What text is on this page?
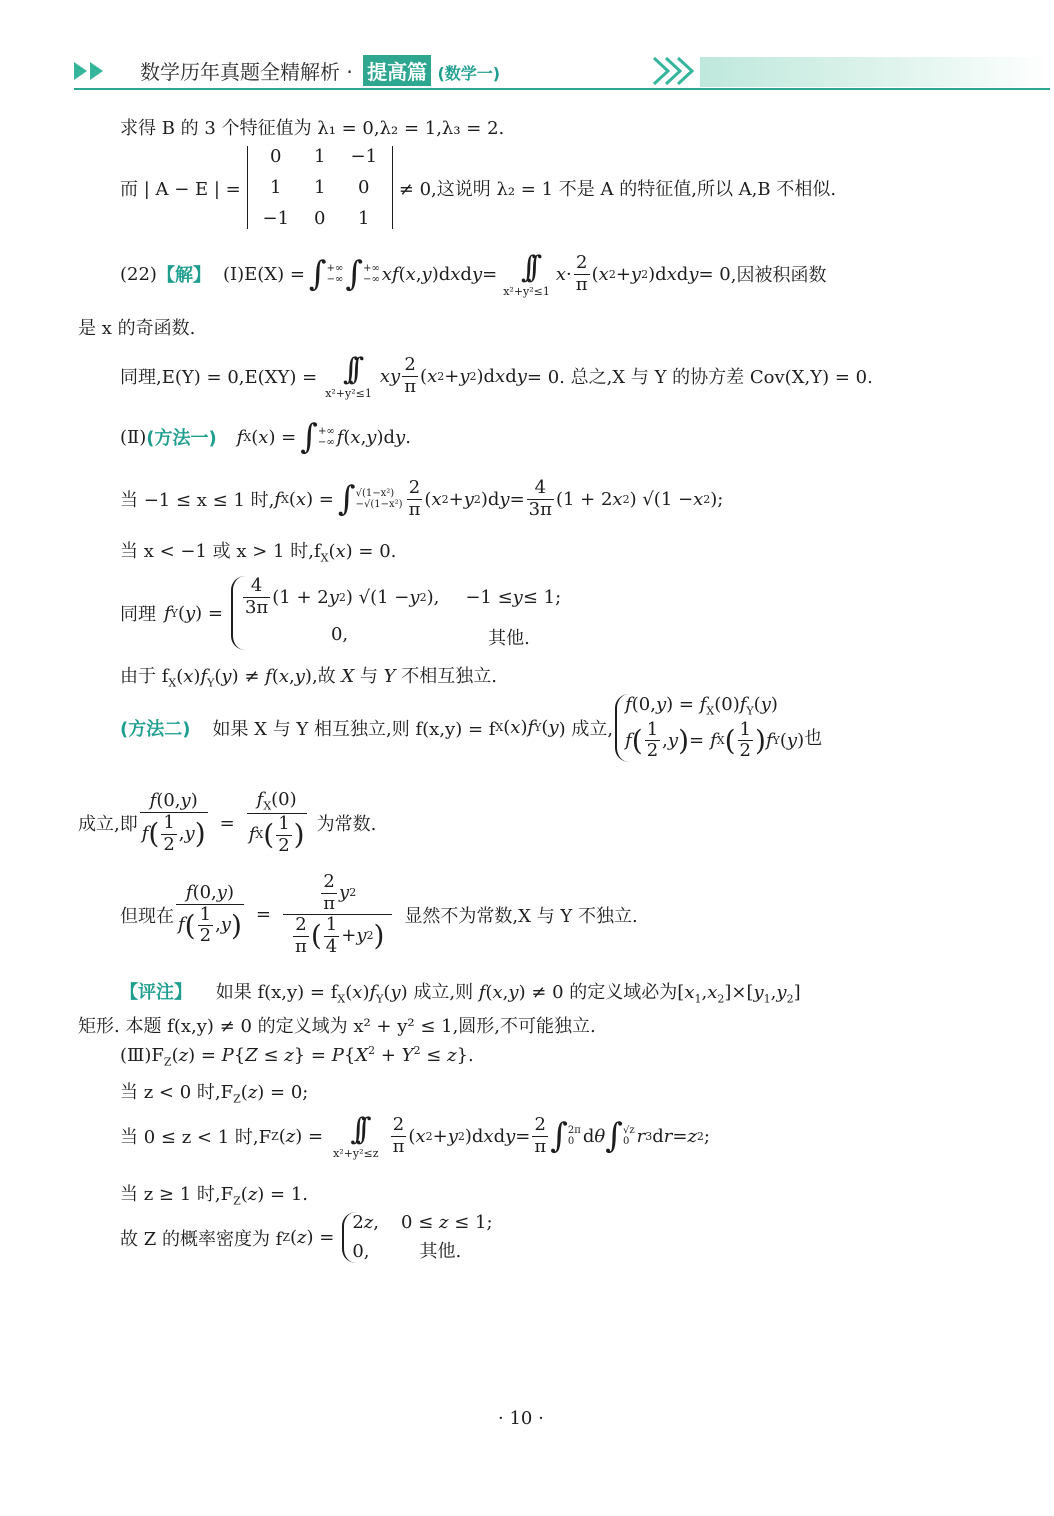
数学历年真题全精解析 · 提高篇 (数学一)
求得 B 的 3 个特征值为 λ₁ = 0,λ₂ = 1,λ₃ = 2.
而 | A − E | =
0	1	−1
1	1	0
−1	0	1
≠ 0,这说明 λ₂ = 1 不是 A 的特征值,所以 A,B 不相似.
(22) 【解】 (Ⅰ)E(X) = ∫ +∞
−∞ ∫ +∞
−∞ xf ( x , y )d x d y = ∫∫
x²+y²≤1
$x \cdot \frac{2}{\pi}$ ( x 2 + y 2 )d x d y = 0 ,因被积函数
是 x 的奇函数.
同理,E(Y) = 0,E(XY) = ∫∫
x²+y²≤1
xy $\frac{2}{\pi}$ ( x 2 + y 2 )d x d y = 0. 总之,X 与 Y 的协方差 Cov(X,Y) = 0.
(Ⅱ) (方法一) f X ( x ) = ∫ +∞
−∞ f ( x , y )d y .
当 −1 ≤ x ≤ 1 时, f X ( x ) = ∫ √(1−x²)
$-√(1-x^2) \frac{2}{\pi}$ ( x 2 + y 2 )d $y = \frac{4}{3\pi} (1 + 2$ x 2 ) √(1 − x 2 );
当 x < −1 或 x > 1 时$,f_X(x) = 0$.
同理 f Y ( y ) = $\frac{4}{3\pi} (1 + 2$ y 2 ) √(1 − y 2 ), −1 ≤ y ≤ 1;
0,	其他.
由于 $f_X(x)f_Y(y) \ne f(x,y)$,故 X 与 Y 不相互独立.
(方法二) 如果 X 与 Y 相互独立,则 f(x,y) = f X ( x ) f Y ( y ) 成立,
$f(0,y) = f_X(0)f_Y(y)$
f ( $\frac{1}{2}$ , y ) = f X ( $\frac{1}{2}$ ) f Y ( y ) 也
成立,即 $\frac{f(0,y)}{f ( \frac{1}{2} , y )} = \frac{f_X(0)}{f X ( \frac{1}{2} )}$ 为常数.
但现在 $\frac{f(0,y)}{f ( \frac{1}{2} , y )} = \frac{\frac{2}{\pi} y 2}{\frac{2}{\pi} ( \frac{1}{4} + y 2 )}$ 显然不为常数,X 与 Y 不独立.
【评注】 如果 $f(x,y) = f_X(x)f_Y(y)$ 成立,则 f(x,y) ≠ 0 的定义域必为$[x_1,x_2]\times[y_1,y_2]$
矩形. 本题 f(x,y) ≠ 0 的定义域为 x² + y² ≤ 1,圆形,不可能独立.
$(Ⅲ)F_Z(z) = P\{Z \le z\} = P\{X^2 + Y^2 \le z\}$.
当 z < 0 时$,F_Z(z) = 0$;
当 0 ≤ z < 1 时,F Z ( z ) = ∫∫
$x^2+y^2\le z \frac{2}{\pi}$ ( x 2 + y 2 )d x d $y = \frac{2}{\pi}$ ∫ 2π
0 d θ ∫ √z
0 r 3 d r = z 2 ;
当 z ≥ 1 时$,F_Z(z) = 1$.
故 Z 的概率密度为 f Z ( z ) =
2z, 0 ≤ z ≤ 1;
0,	其他.
· 10 ·
